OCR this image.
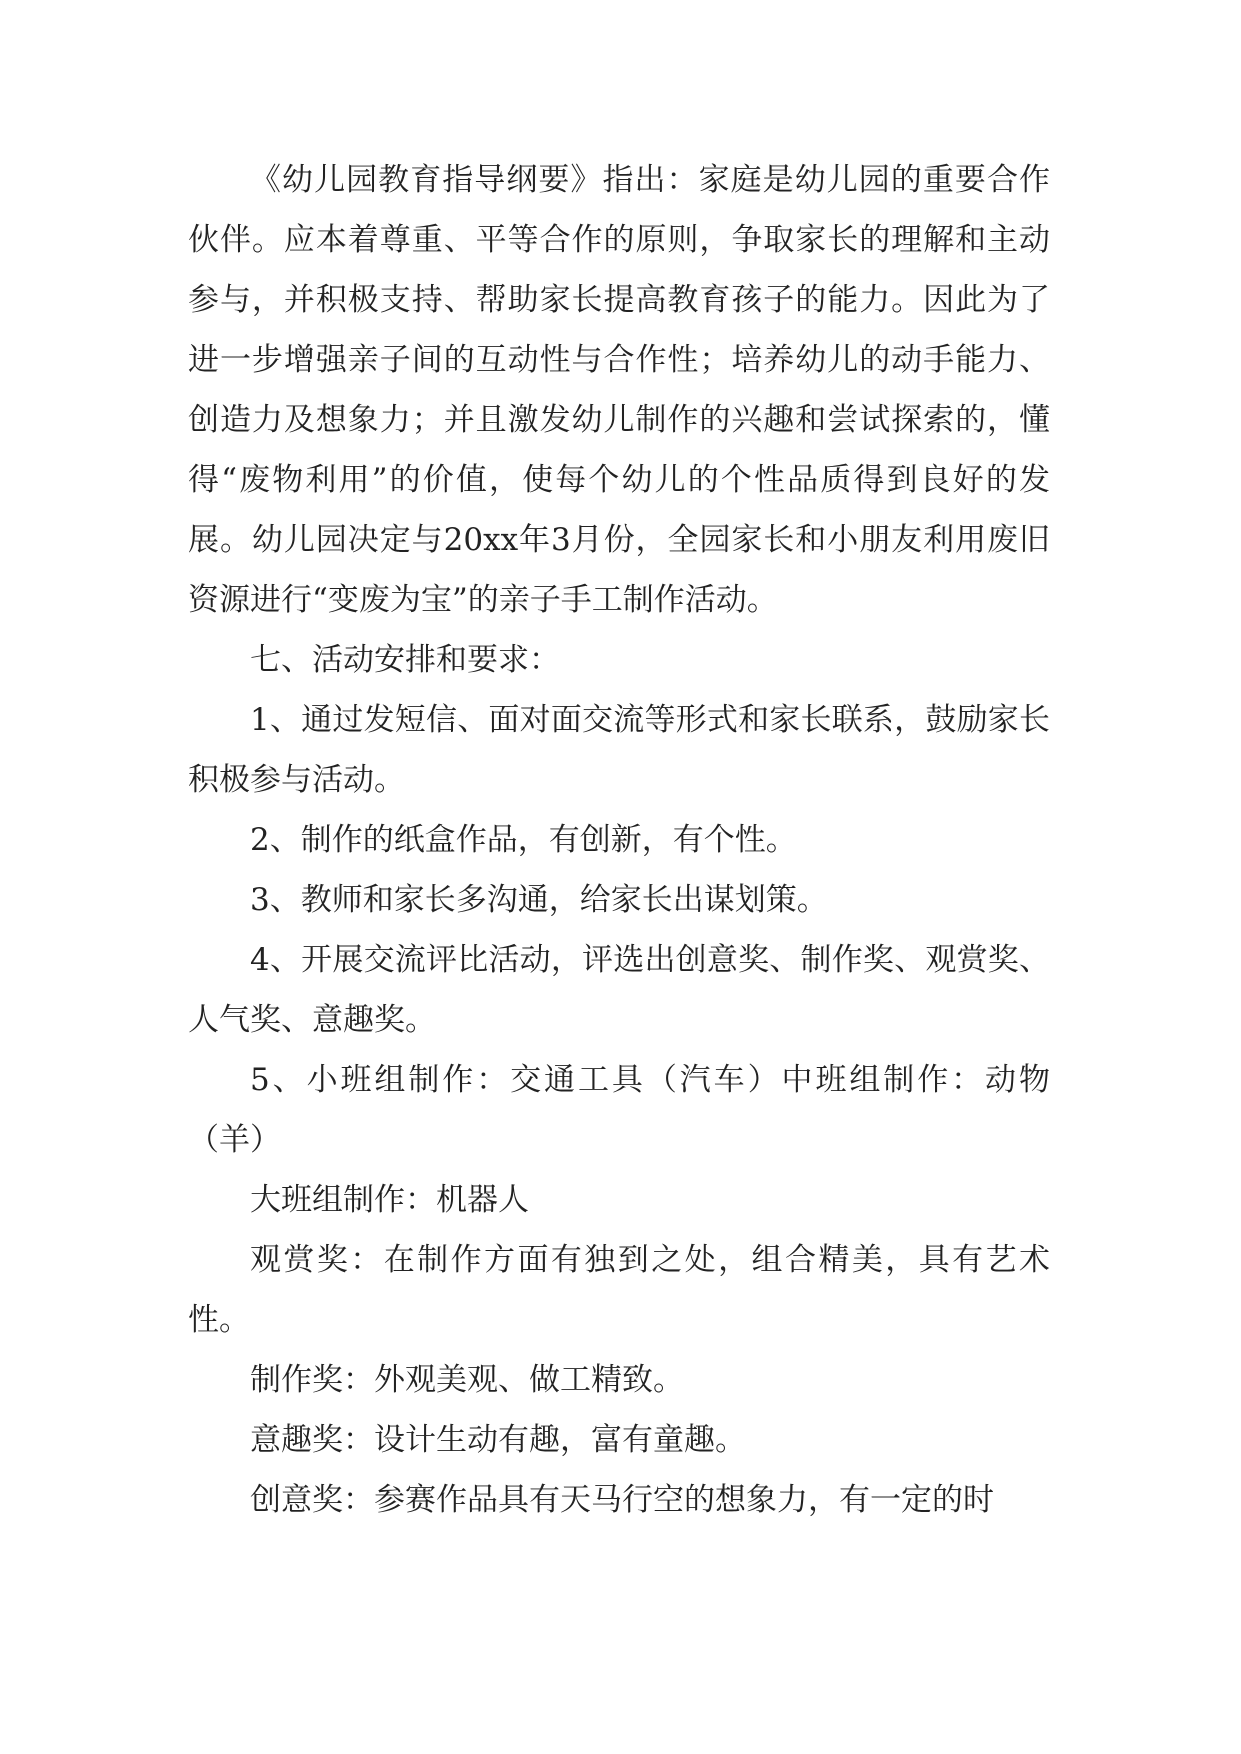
《幼儿园教育指导纲要》指出：家庭是幼儿园的重要合作伙伴。应本着尊重、平等合作的原则，争取家长的理解和主动参与，并积极支持、帮助家长提高教育孩子的能力。因此为了进一步增强亲子间的互动性与合作性；培养幼儿的动手能力、创造力及想象力；并且激发幼儿制作的兴趣和尝试探索的，懂得“废物利用”的价值，使每个幼儿的个性品质得到良好的发展。幼儿园决定与20xx年3月份，全园家长和小朋友利用废旧资源进行“变废为宝”的亲子手工制作活动。

七、活动安排和要求：

1、通过发短信、面对面交流等形式和家长联系，鼓励家长积极参与活动。

2、制作的纸盒作品，有创新，有个性。

3、教师和家长多沟通，给家长出谋划策。

4、开展交流评比活动，评选出创意奖、制作奖、观赏奖、人气奖、意趣奖。

5、小班组制作：交通工具（汽车）中班组制作：动物（羊）

大班组制作：机器人

观赏奖：在制作方面有独到之处，组合精美，具有艺术性。

制作奖：外观美观、做工精致。

意趣奖：设计生动有趣，富有童趣。

创意奖：参赛作品具有天马行空的想象力，有一定的时
